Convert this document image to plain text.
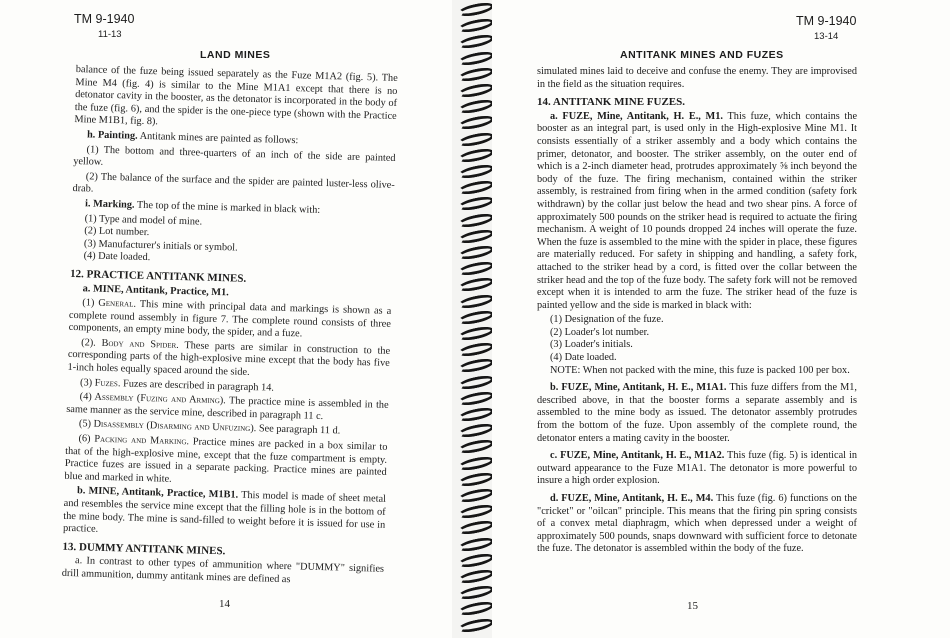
TM 9-1940
11-13
LAND MINES

balance of the fuze being issued separately as the Fuze M1A2 (fig. 5). The Mine M4 (fig. 4) is similar to the Mine M1A1 except that there is no detonator cavity in the booster, as the detonator is incorporated in the body of the fuze (fig. 6), and the spider is the one-piece type (shown with the Practice Mine M1B1, fig. 8).

h. Painting. Antitank mines are painted as follows:

(1) The bottom and three-quarters of an inch of the side are painted yellow.

(2) The balance of the surface and the spider are painted luster-less olive-drab.

i. Marking. The top of the mine is marked in black with:

(1) Type and model of mine.

(2) Lot number.

(3) Manufacturer's initials or symbol.

(4) Date loaded.

12. PRACTICE ANTITANK MINES.

a. MINE, Antitank, Practice, M1.

(1) General. This mine with principal data and markings is shown as a complete round assembly in figure 7. The complete round consists of three components, an empty mine body, the spider, and a fuze.

(2). Body and Spider. These parts are similar in construction to the corresponding parts of the high-explosive mine except that the body has five 1-inch holes equally spaced around the side.

(3) Fuzes. Fuzes are described in paragraph 14.

(4) Assembly (Fuzing and Arming). The practice mine is assembled in the same manner as the service mine, described in paragraph 11 c.

(5) Disassembly (Disarming and Unfuzing). See paragraph 11 d.

(6) Packing and Marking. Practice mines are packed in a box similar to that of the high-explosive mine, except that the fuze compartment is empty. Practice fuzes are issued in a separate packing. Practice mines are painted blue and marked in white.

b. MINE, Antitank, Practice, M1B1. This model is made of sheet metal and resembles the service mine except that the filling hole is in the bottom of the mine body. The mine is sand-filled to weight before it is issued for use in practice.

13. DUMMY ANTITANK MINES.

a. In contrast to other types of ammunition where "DUMMY" signifies drill ammunition, dummy antitank mines are defined as

14
TM 9-1940
13-14
ANTITANK MINES AND FUZES

simulated mines laid to deceive and confuse the enemy. They are improvised in the field as the situation requires.

14. ANTITANK MINE FUZES.

a. FUZE, Mine, Antitank, H. E., M1. This fuze, which contains the booster as an integral part, is used only in the High-explosive Mine M1. It consists essentially of a striker assembly and a body which contains the primer, detonator, and booster. The striker assembly, on the outer end of which is a 2-inch diameter head, protrudes approximately ⅝ inch beyond the body of the fuze. The firing mechanism, contained within the striker assembly, is restrained from firing when in the armed condition (safety fork withdrawn) by the collar just below the head and two shear pins. A force of approximately 500 pounds on the striker head is required to actuate the firing mechanism. A weight of 10 pounds dropped 24 inches will operate the fuze. When the fuze is assembled to the mine with the spider in place, these figures are materially reduced. For safety in shipping and handling, a safety fork, attached to the striker head by a cord, is fitted over the collar between the striker head and the top of the fuze body. The safety fork will not be removed except when it is intended to arm the fuze. The striker head of the fuze is painted yellow and the side is marked in black with:

(1) Designation of the fuze.

(2) Loader's lot number.

(3) Loader's initials.

(4) Date loaded.

NOTE: When not packed with the mine, this fuze is packed 100 per box.

b. FUZE, Mine, Antitank, H. E., M1A1. This fuze differs from the M1, described above, in that the booster forms a separate assembly and is assembled to the mine body as issued. The detonator assembly protrudes from the bottom of the fuze. Upon assembly of the complete round, the detonator enters a mating cavity in the booster.

c. FUZE, Mine, Antitank, H. E., M1A2. This fuze (fig. 5) is identical in outward appearance to the Fuze M1A1. The detonator is more powerful to insure a high order explosion.

d. FUZE, Mine, Antitank, H. E., M4. This fuze (fig. 6) functions on the "cricket" or "oilcan" principle. This means that the firing pin spring consists of a convex metal diaphragm, which when depressed under a weight of approximately 500 pounds, snaps downward with sufficient force to detonate the fuze. The detonator is assembled within the body of the fuze.

15
